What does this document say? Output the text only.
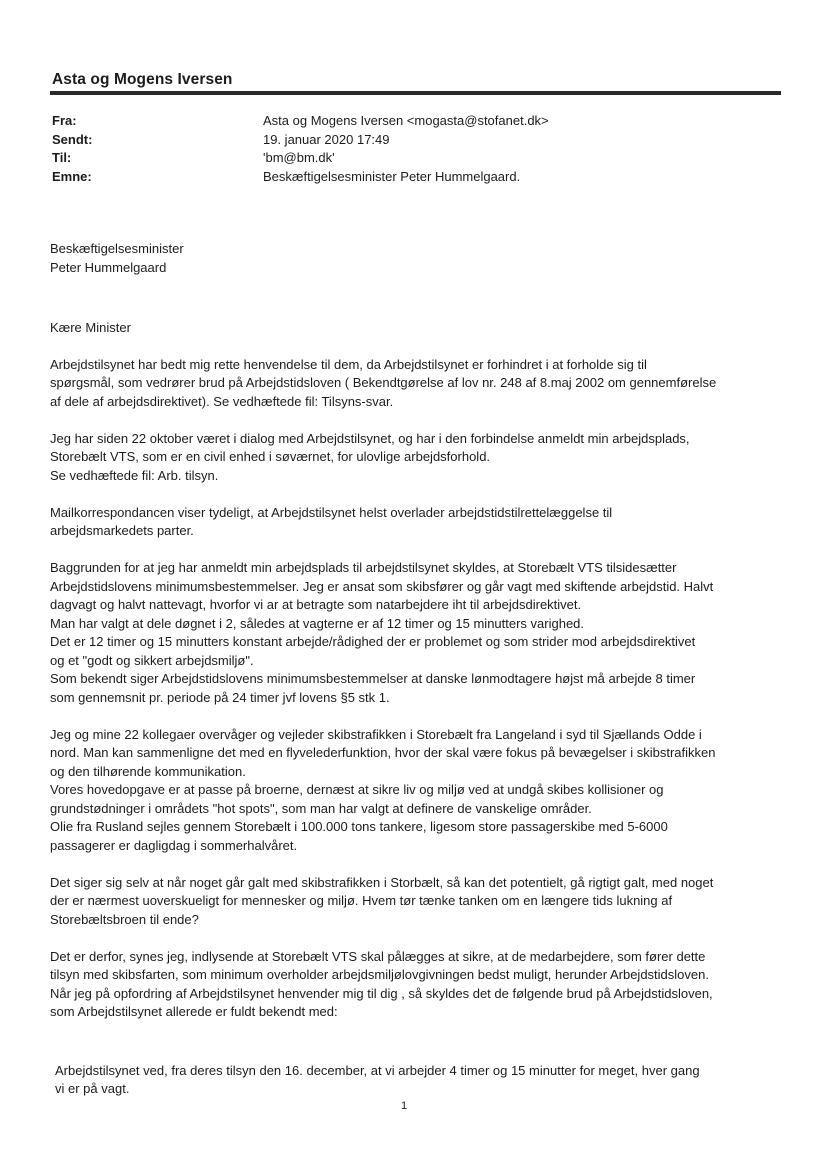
Asta og Mogens Iversen
Fra:
Sendt:
Til:
Emne:
Asta og Mogens Iversen <mogasta@stofanet.dk>
19. januar 2020 17:49
'bm@bm.dk'
Beskæftigelsesminister Peter Hummelgaard.

Beskæftigelsesminister
Peter Hummelgaard

Kære Minister

Arbejdstilsynet har bedt mig rette henvendelse til dem, da Arbejdstilsynet er forhindret i at forholde sig til
spørgsmål, som vedrører brud på Arbejdstidsloven ( Bekendtgørelse af lov nr. 248 af 8.maj 2002 om gennemførelse
af dele af arbejdsdirektivet). Se vedhæftede fil: Tilsyns-svar.

Jeg har siden 22 oktober været i dialog med Arbejdstilsynet, og har i den forbindelse anmeldt min arbejdsplads,
Storebælt VTS, som er en civil enhed i søværnet, for ulovlige arbejdsforhold.
Se vedhæftede fil: Arb. tilsyn.

Mailkorrespondancen viser tydeligt, at Arbejdstilsynet helst overlader arbejdstidstilrettelæggelse til
arbejdsmarkedets parter.

Baggrunden for at jeg har anmeldt min arbejdsplads til arbejdstilsynet skyldes, at Storebælt VTS tilsidesætter
Arbejdstidslovens minimumsbestemmelser. Jeg er ansat som skibsfører og går vagt med skiftende arbejdstid. Halvt
dagvagt og halvt nattevagt, hvorfor vi ar at betragte som natarbejdere iht til arbejdsdirektivet.
Man har valgt at dele døgnet i 2, således at vagterne er af 12 timer og 15 minutters varighed.
Det er 12 timer og 15 minutters konstant arbejde/rådighed der er problemet og som strider mod arbejdsdirektivet
og et "godt og sikkert arbejdsmiljø".
Som bekendt siger Arbejdstidslovens minimumsbestemmelser at danske lønmodtagere højst må arbejde 8 timer
som gennemsnit pr. periode på 24 timer jvf lovens §5 stk 1.

Jeg og mine 22 kollegaer overvåger og vejleder skibstrafikken i Storebælt fra Langeland i syd til Sjællands Odde i
nord. Man kan sammenligne det med en flyvelederfunktion, hvor der skal være fokus på bevægelser i skibstrafikken
og den tilhørende kommunikation.
Vores hovedopgave er at passe på broerne, dernæst at sikre liv og miljø ved at undgå skibes kollisioner og
grundstødninger i områdets "hot spots", som man har valgt at definere de vanskelige områder.
Olie fra Rusland sejles gennem Storebælt i 100.000 tons tankere, ligesom store passagerskibe med 5-6000
passagerer er dagligdag i sommerhalvåret.

Det siger sig selv at når noget går galt med skibstrafikken i Storbælt, så kan det potentielt, gå rigtigt galt, med noget
der er nærmest uoverskueligt for mennesker og miljø. Hvem tør tænke tanken om en længere tids lukning af
Storebæltsbroen til ende?

Det er derfor, synes jeg, indlysende at Storebælt VTS skal pålægges at sikre, at de medarbejdere, som fører dette
tilsyn med skibsfarten, som minimum overholder arbejdsmiljølovgivningen bedst muligt, herunder Arbejdstidsloven.
Når jeg på opfordring af Arbejdstilsynet henvender mig til dig , så skyldes det de følgende brud på Arbejdstidsloven,
som Arbejdstilsynet allerede er fuldt bekendt med:

Arbejdstilsynet ved, fra deres tilsyn den 16. december, at vi arbejder 4 timer og 15 minutter for meget, hver gang
vi er på vagt.

1
